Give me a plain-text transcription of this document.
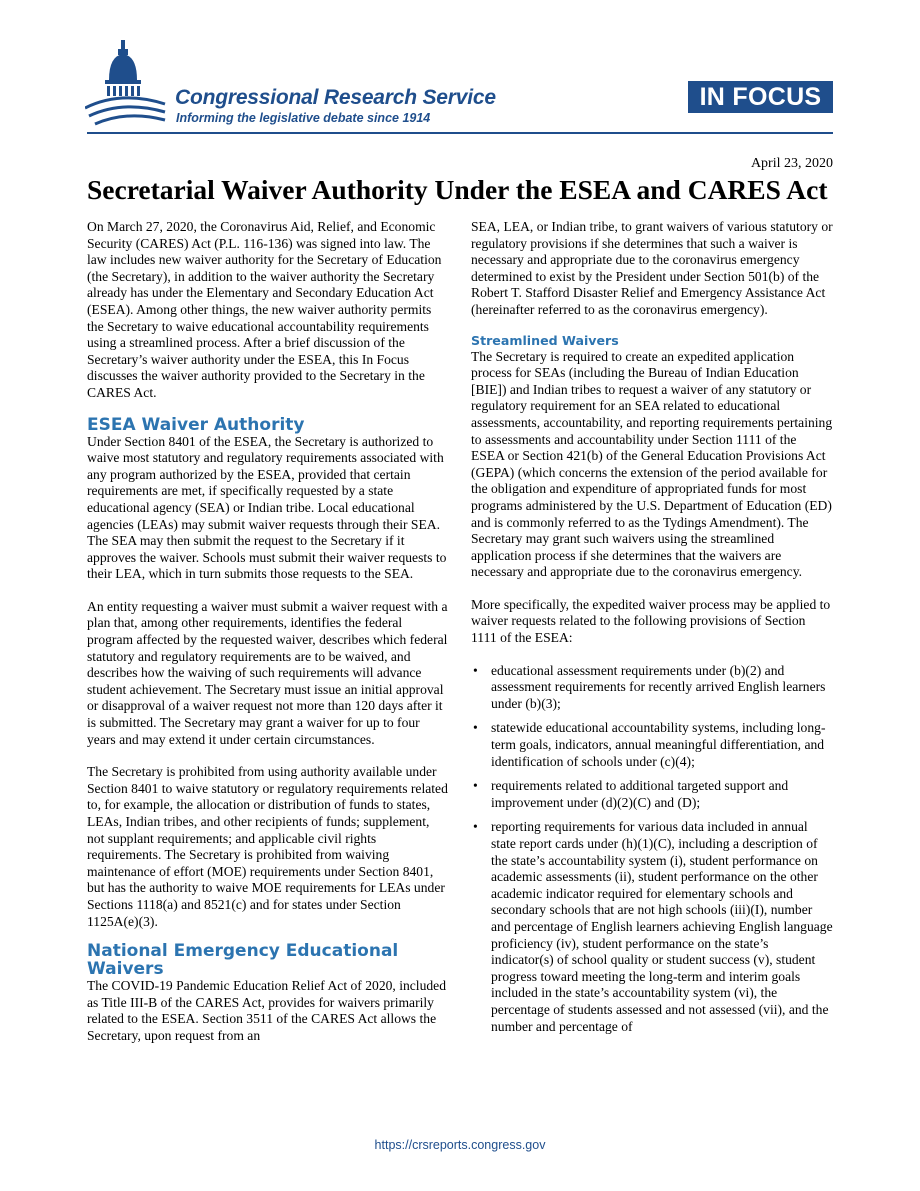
Congressional Research Service
Informing the legislative debate since 1914
IN FOCUS
April 23, 2020
Secretarial Waiver Authority Under the ESEA and CARES Act

On March 27, 2020, the Coronavirus Aid, Relief, and Economic Security (CARES) Act (P.L. 116-136) was signed into law. The law includes new waiver authority for the Secretary of Education (the Secretary), in addition to the waiver authority the Secretary already has under the Elementary and Secondary Education Act (ESEA). Among other things, the new waiver authority permits the Secretary to waive educational accountability requirements using a streamlined process. After a brief discussion of the Secretary’s waiver authority under the ESEA, this In Focus discusses the waiver authority provided to the Secretary in the CARES Act.

ESEA Waiver Authority

Under Section 8401 of the ESEA, the Secretary is authorized to waive most statutory and regulatory requirements associated with any program authorized by the ESEA, provided that certain requirements are met, if specifically requested by a state educational agency (SEA) or Indian tribe. Local educational agencies (LEAs) may submit waiver requests through their SEA. The SEA may then submit the request to the Secretary if it approves the waiver. Schools must submit their waiver requests to their LEA, which in turn submits those requests to the SEA.

An entity requesting a waiver must submit a waiver request with a plan that, among other requirements, identifies the federal program affected by the requested waiver, describes which federal statutory and regulatory requirements are to be waived, and describes how the waiving of such requirements will advance student achievement. The Secretary must issue an initial approval or disapproval of a waiver request not more than 120 days after it is submitted. The Secretary may grant a waiver for up to four years and may extend it under certain circumstances.

The Secretary is prohibited from using authority available under Section 8401 to waive statutory or regulatory requirements related to, for example, the allocation or distribution of funds to states, LEAs, Indian tribes, and other recipients of funds; supplement, not supplant requirements; and applicable civil rights requirements. The Secretary is prohibited from waiving maintenance of effort (MOE) requirements under Section 8401, but has the authority to waive MOE requirements for LEAs under Sections 1118(a) and 8521(c) and for states under Section 1125A(e)(3).

National Emergency Educational Waivers

The COVID-19 Pandemic Education Relief Act of 2020, included as Title III-B of the CARES Act, provides for waivers primarily related to the ESEA. Section 3511 of the CARES Act allows the Secretary, upon request from an

SEA, LEA, or Indian tribe, to grant waivers of various statutory or regulatory provisions if she determines that such a waiver is necessary and appropriate due to the coronavirus emergency determined to exist by the President under Section 501(b) of the Robert T. Stafford Disaster Relief and Emergency Assistance Act (hereinafter referred to as the coronavirus emergency).

Streamlined Waivers

The Secretary is required to create an expedited application process for SEAs (including the Bureau of Indian Education [BIE]) and Indian tribes to request a waiver of any statutory or regulatory requirement for an SEA related to educational assessments, accountability, and reporting requirements pertaining to assessments and accountability under Section 1111 of the ESEA or Section 421(b) of the General Education Provisions Act (GEPA) (which concerns the extension of the period available for the obligation and expenditure of appropriated funds for most programs administered by the U.S. Department of Education (ED) and is commonly referred to as the Tydings Amendment). The Secretary may grant such waivers using the streamlined application process if she determines that the waivers are necessary and appropriate due to the coronavirus emergency.

More specifically, the expedited waiver process may be applied to waiver requests related to the following provisions of Section 1111 of the ESEA:

• educational assessment requirements under (b)(2) and assessment requirements for recently arrived English learners under (b)(3);
• statewide educational accountability systems, including long-term goals, indicators, annual meaningful differentiation, and identification of schools under (c)(4);
• requirements related to additional targeted support and improvement under (d)(2)(C) and (D);
• reporting requirements for various data included in annual state report cards under (h)(1)(C), including a description of the state’s accountability system (i), student performance on academic assessments (ii), student performance on the other academic indicator required for elementary schools and secondary schools that are not high schools (iii)(I), number and percentage of English learners achieving English language proficiency (iv), student performance on the state’s indicator(s) of school quality or student success (v), student progress toward meeting the long-term and interim goals included in the state’s accountability system (vi), the percentage of students assessed and not assessed (vii), and the number and percentage of
https://crsreports.congress.gov
